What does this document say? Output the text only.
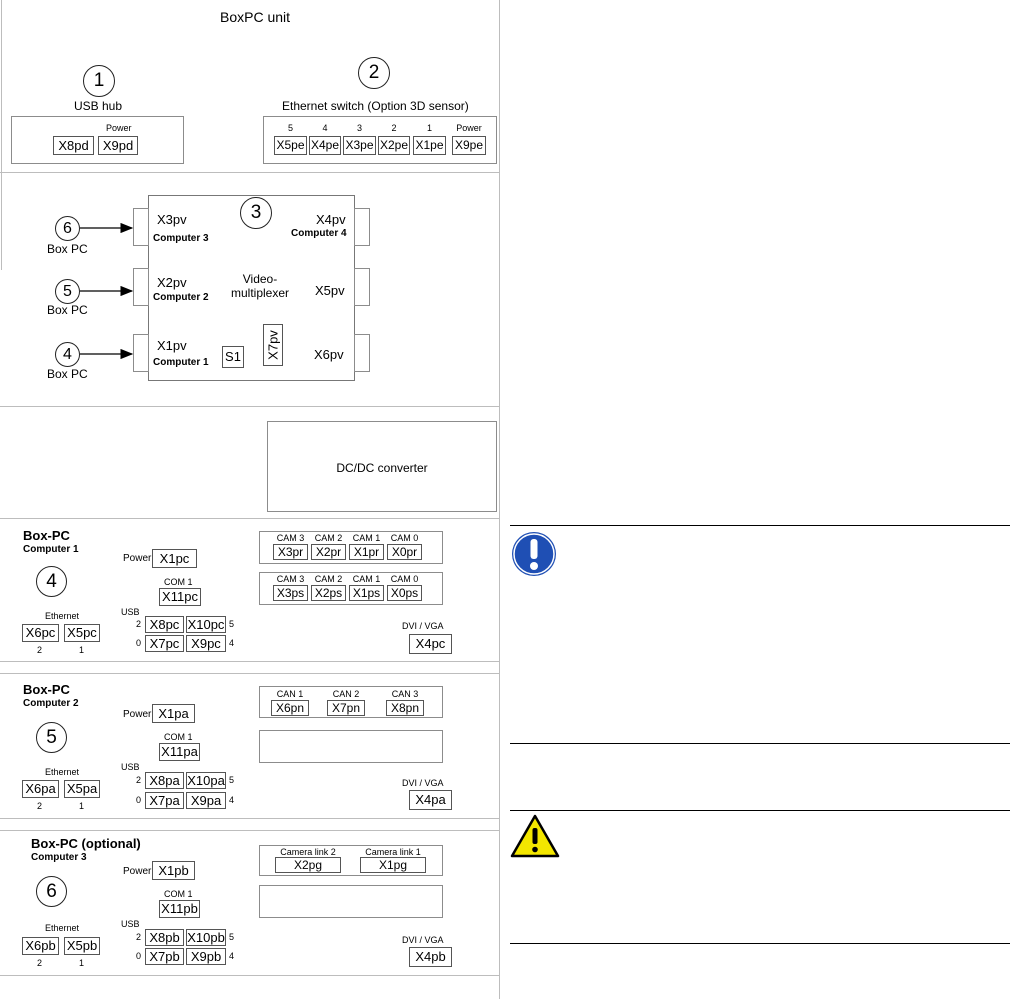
BoxPC unit
1
USB hub
Power
X8pd	X9pd
2
Ethernet switch (Option 3D sensor)
5
X5pe
4
X4pe
3
X3pe
2
X2pe
1
X1pe
Power
X9pe
3
Video-
multiplexer
X3pv
Computer 3
X2pv
Computer 2
X1pv
Computer 1
X4pv
Computer 4
X5pv
X6pv
S1 X7pv
6
Box PC
5
Box PC
4
Box PC
DC/DC converter
Box-PC
Computer 1
4
Power X1pc
COM 1
X11pc
USB
2 X8pc X10pc 5
0 X7pc X9pc 4
Ethernet
X6pc X5pc
2	1
DVI / VGA
X4pc
CAM 3
X3pr
CAM 2
X2pr
CAM 1
X1pr
CAM 0
X0pr
CAM 3
X3ps
CAM 2
X2ps
CAM 1
X1ps
CAM 0
X0ps
Box-PC
Computer 2
5
Power X1pa
COM 1
X11pa
USB
2 X8pa X10pa 5
0 X7pa X9pa 4
Ethernet
X6pa X5pa
2	1
DVI / VGA
X4pa
CAN 1
X6pn
CAN 2
X7pn
CAN 3
X8pn
Box-PC (optional)
Computer 3
6
Power X1pb
COM 1
X11pb
USB
2 X8pb X10pb 5
0 X7pb X9pb 4
Ethernet
X6pb X5pb
2	1
DVI / VGA
X4pb
Camera link 2
X2pg
Camera link 1
X1pg
